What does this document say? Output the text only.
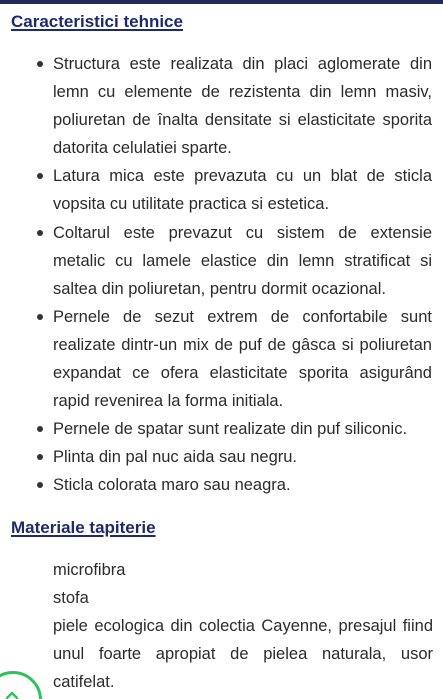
Caracteristici tehnice
Structura este realizata din placi aglomerate din lemn cu elemente de rezistenta din lemn masiv, poliuretan de înalta densitate si elasticitate sporita datorita celulatiei sparte.
Latura mica este prevazuta cu un blat de sticla vopsita cu utilitate practica si estetica.
Coltarul este prevazut cu sistem de extensie metalic cu lamele elastice din lemn stratificat si saltea din poliuretan, pentru dormit ocazional.
Pernele de sezut extrem de confortabile sunt realizate dintr-un mix de puf de gâsca si poliuretan expandat ce ofera elasticitate sporita asigurând rapid revenirea la forma initiala.
Pernele de spatar sunt realizate din puf siliconic.
Plinta din pal nuc aida sau negru.
Sticla colorata maro sau neagra.
Materiale tapiterie
microfibra
stofa
piele ecologica din colectia Cayenne, presajul fiind unul foarte apropiat de pielea naturala, usor catifelat.
